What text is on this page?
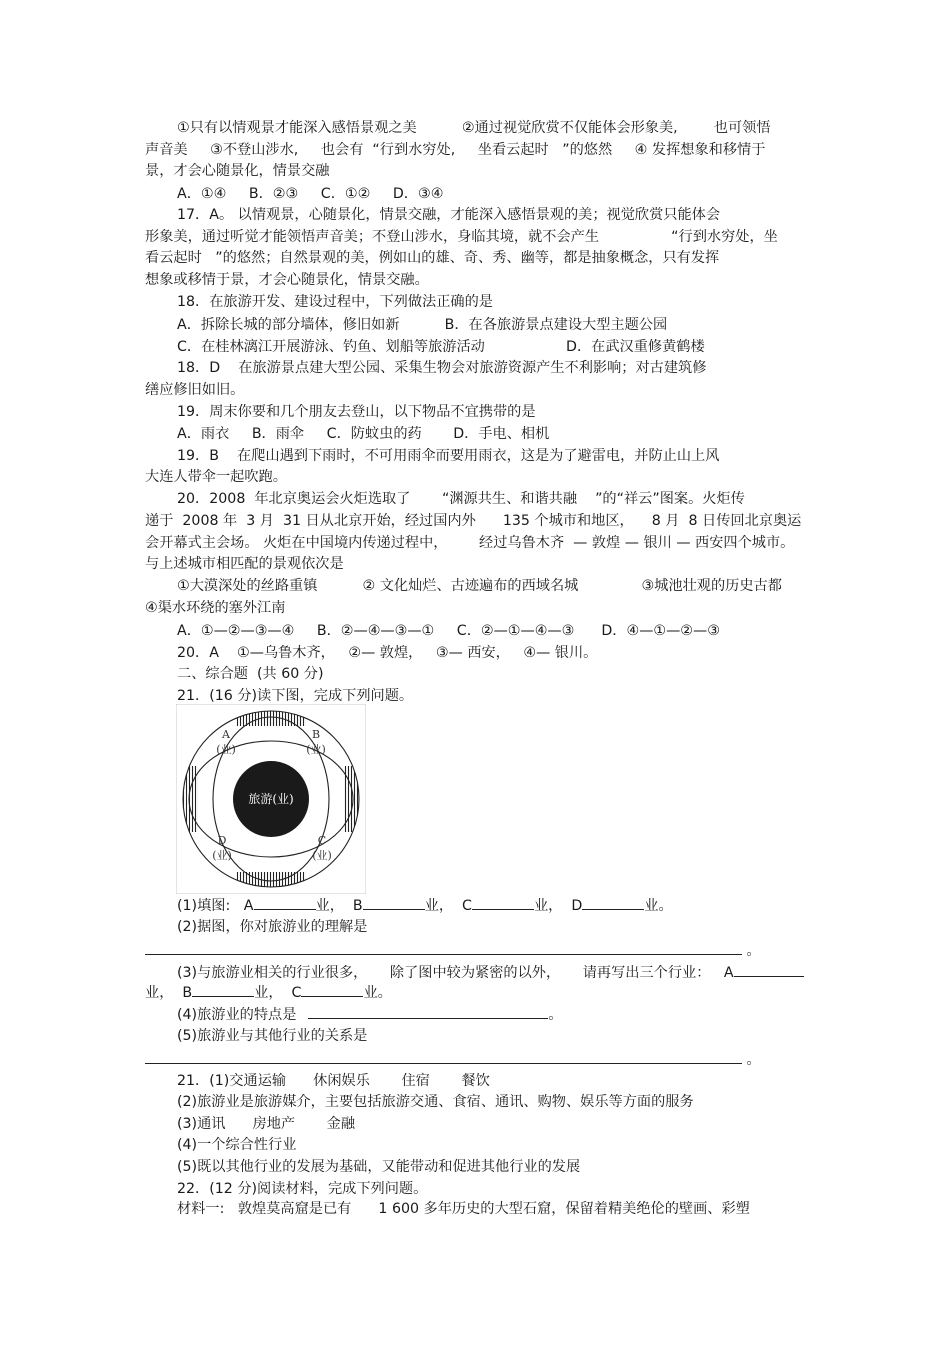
①只有以情观景才能深入感悟景观之美          ②通过视觉欣赏不仅能体会形象美,        也可领悟
声音美     ③不登山涉水,     也会有  “行到水穷处,     坐看云起时   ”的悠然     ④ 发挥想象和移情于
景，才会心随景化，情景交融
A．①④     B．②③     C．①②     D．③④
17．A。 以情观景，心随景化，情景交融，才能深入感悟景观的美；视觉欣赏只能体会
形象美，通过听觉才能领悟声音美；不登山涉水，身临其境，就不会产生                “行到水穷处，坐
看云起时   ”的悠然；自然景观的美，例如山的雄、奇、秀、幽等，都是抽象概念，只有发挥
想象或移情于景，才会心随景化，情景交融。
18．在旅游开发、建设过程中，下列做法正确的是
A．拆除长城的部分墙体，修旧如新          B．在各旅游景点建设大型主题公园
C．在桂林漓江开展游泳、钓鱼、划船等旅游活动                  D．在武汉重修黄鹤楼
18．D    在旅游景点建大型公园、采集生物会对旅游资源产生不利影响；对古建筑修
缮应修旧如旧。
19．周末你要和几个朋友去登山，以下物品不宜携带的是
A．雨衣     B．雨伞     C．防蚊虫的药       D．手电、相机
19．B    在爬山遇到下雨时，不可用雨伞而要用雨衣，这是为了避雷电，并防止山上风
大连人带伞一起吹跑。
20．2008  年北京奥运会火炬选取了       “渊源共生、和谐共融    ”的“祥云”图案。火炬传
递于  2008 年  3 月  31 日从北京开始，经过国内外      135 个城市和地区，    8 月  8 日传回北京奥运
会开幕式主会场。 火炬在中国境内传递过程中，       经过乌鲁木齐  — 敦煌 — 银川 — 西安四个城市。
与上述城市相匹配的景观依次是
①大漠深处的丝路重镇          ② 文化灿烂、古迹遍布的西域名城              ③城池壮观的历史古都
④渠水环绕的塞外江南
A．①—②—③—④     B．②—④—③—①     C．②—①—④—③      D．④—①—②—③
20．A    ①—乌鲁木齐，   ②— 敦煌，   ③— 西安，   ④— 银川。
二、综合题  (共 60 分)
21．(16 分)读下图，完成下列问题。
A
(业)
B
(业)
D
(业)
C
(业)
旅游(业)
(1)填图:   A	业，  B	业，  C	业，  D	业。
(2)据图，你对旅游业的理解是
。
(3)与旅游业相关的行业很多，     除了图中较为紧密的以外，     请再写出三个行业：   A
业，  B	业，  C	业。
(4)旅游业的特点是	。
(5)旅游业与其他行业的关系是
。
21．(1)交通运输      休闲娱乐       住宿       餐饮
(2)旅游业是旅游媒介，主要包括旅游交通、食宿、通讯、购物、娱乐等方面的服务
(3)通讯      房地产       金融
(4)一个综合性行业
(5)既以其他行业的发展为基础，又能带动和促进其他行业的发展
22．(12 分)阅读材料，完成下列问题。
材料一:   敦煌莫高窟是已有      1 600 多年历史的大型石窟，保留着精美绝伦的壁画、彩塑
